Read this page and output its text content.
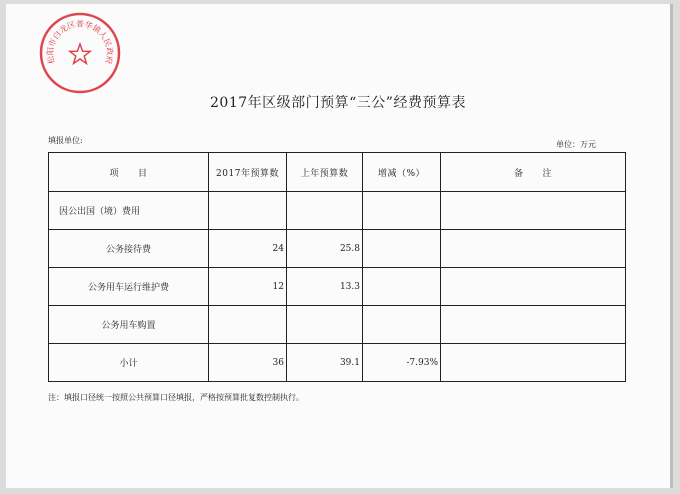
松阳市白龙区普华镇人民政府
2017年区级部门预算“三公”经费预算表
填报单位:	单位：万元
项　　目	2017年预算数	上年预算数	增减（%）	备　　注
因公出国（境）费用				
公务接待费	24	25.8		
公务用车运行维护费	12	13.3		
公务用车购置				
小计	36	39.1	-7.93%	
注：填报口径统一按照公共预算口径填报，严格按预算批复数控制执行。
